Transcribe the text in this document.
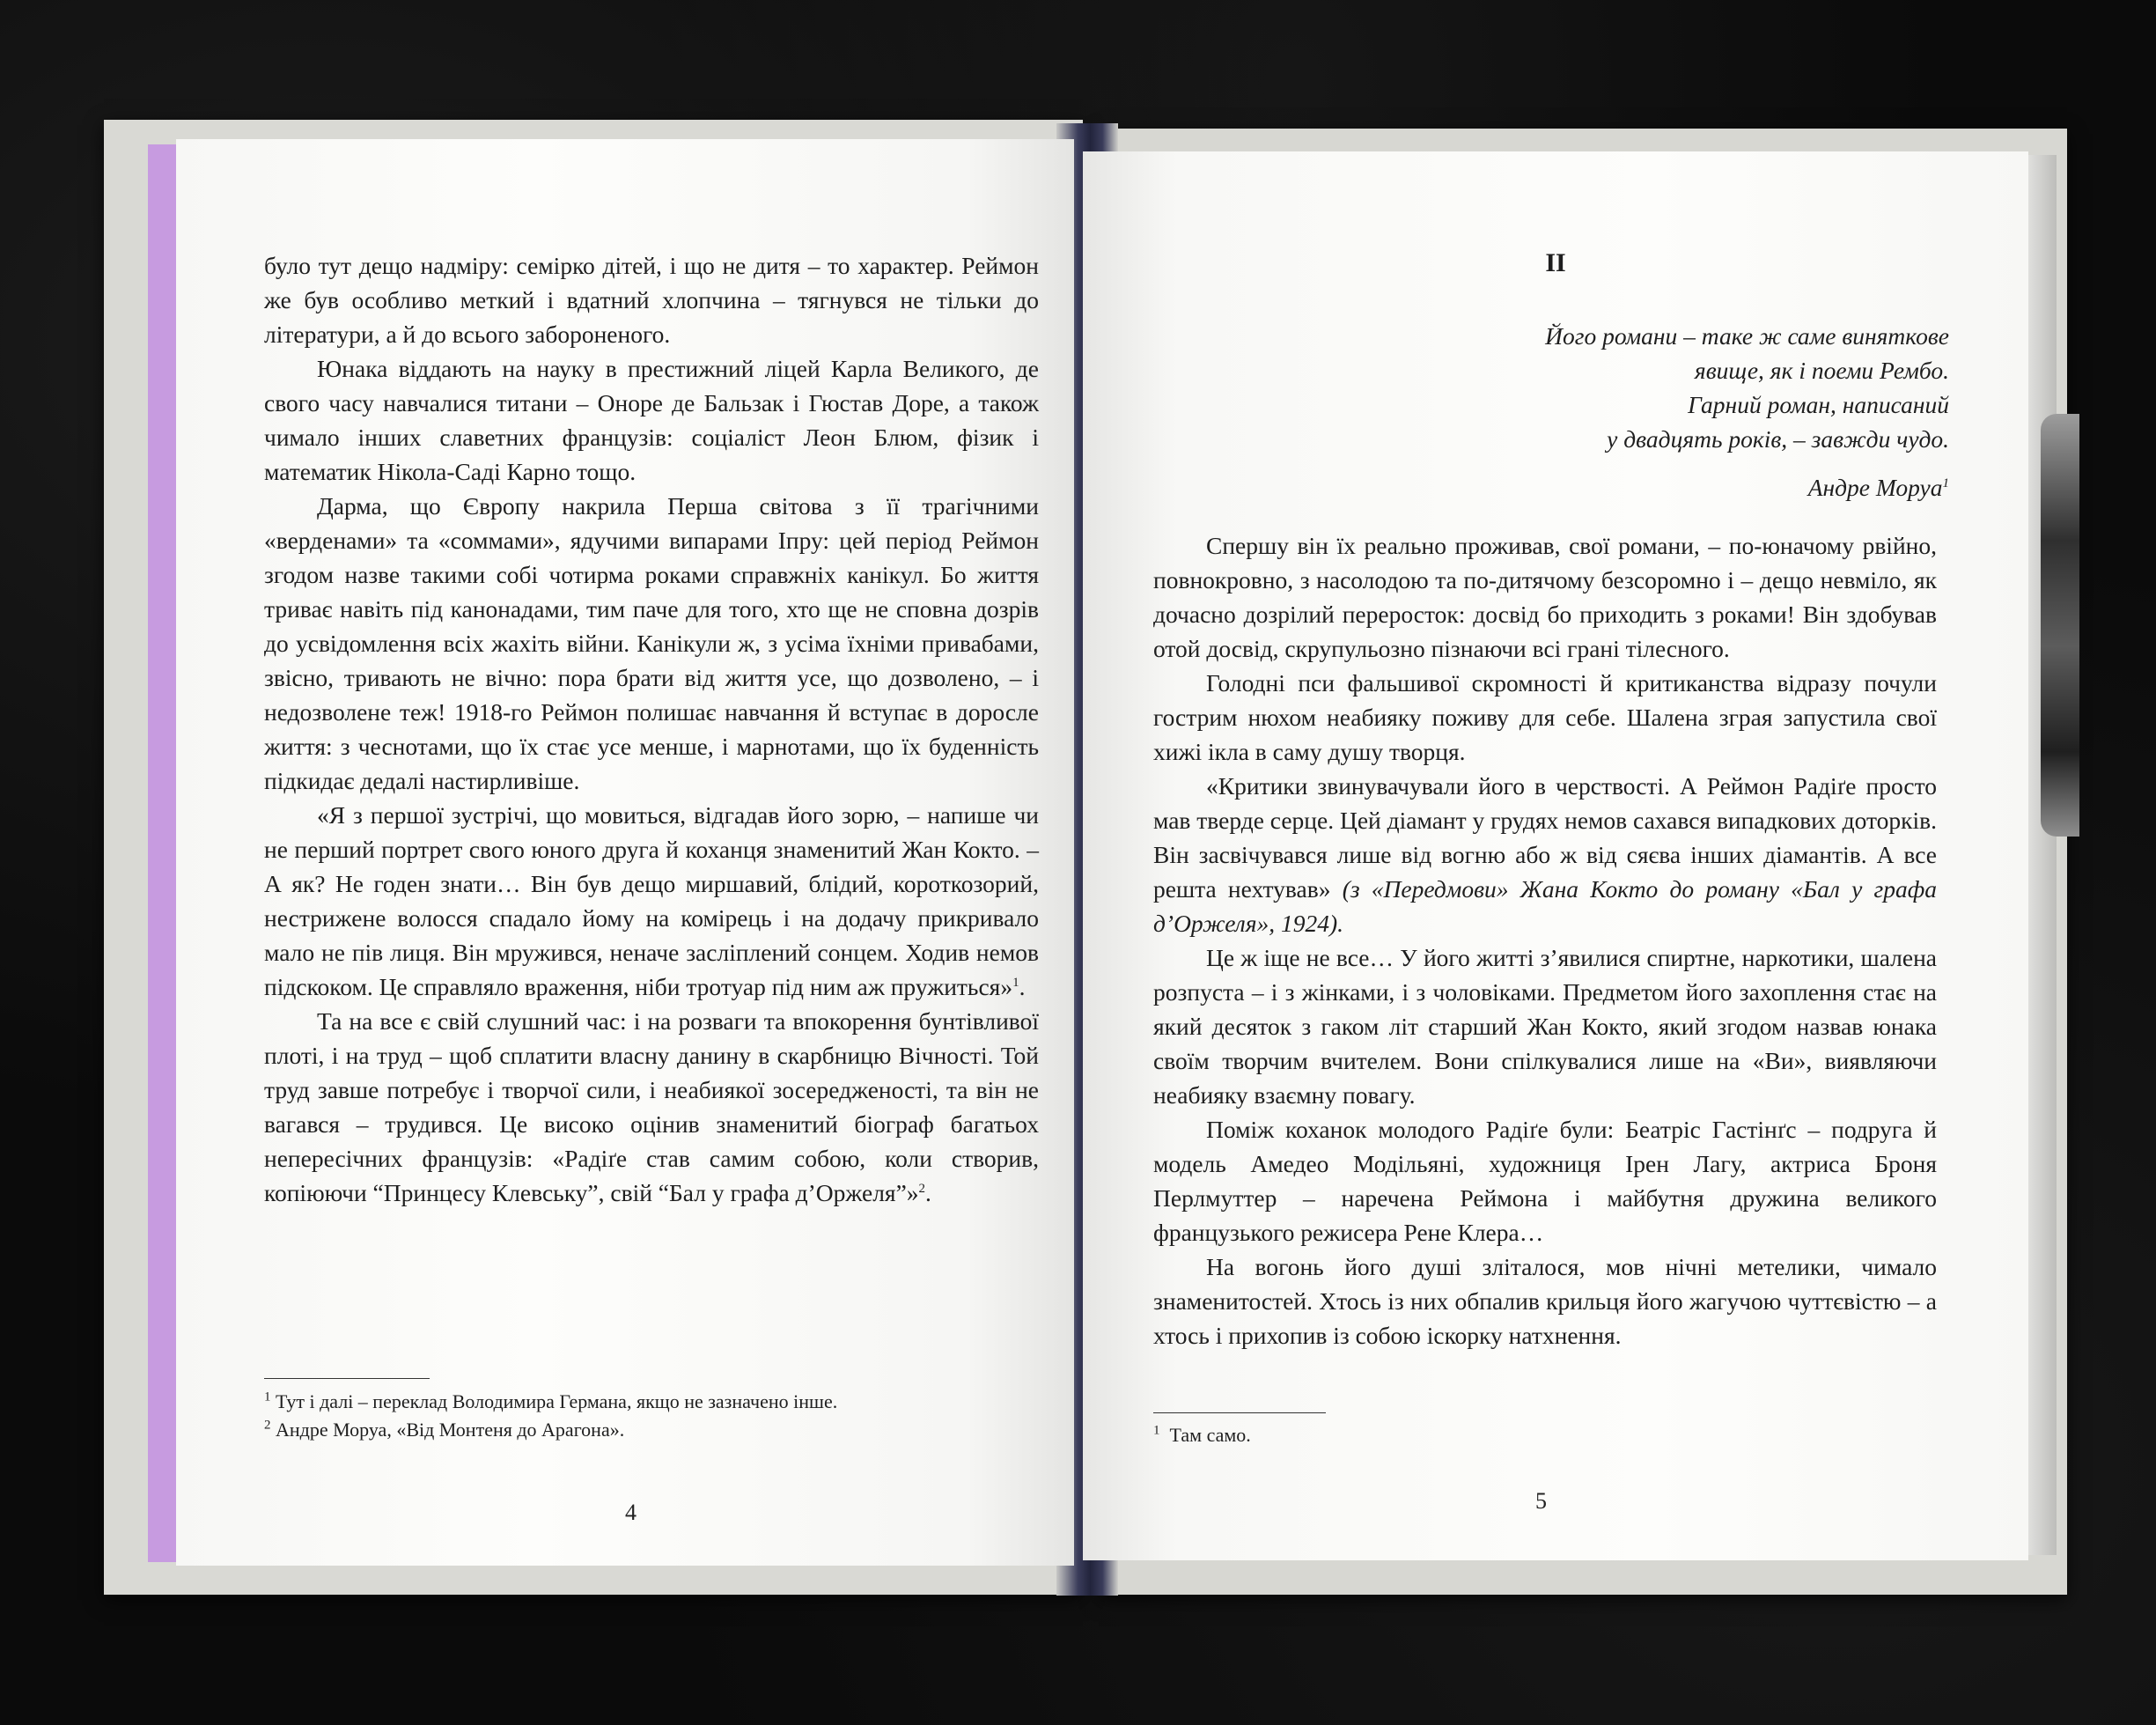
було тут дещо надміру: семірко дітей, і що не дитя – то характер. Реймон же був особливо меткий і вдатний хлопчина – тягнувся не тільки до літератури, а й до всього забороненого.

Юнака віддають на науку в престижний ліцей Карла Великого, де свого часу навчалися титани – Оноре де Бальзак і Гюстав Доре, а також чимало інших славетних французів: соціаліст Леон Блюм, фізик і математик Нікола-Саді Карно тощо.

Дарма, що Європу накрила Перша світова з її трагічними «верденами» та «соммами», ядучими випарами Іпру: цей період Реймон згодом назве такими собі чотирма роками справжніх канікул. Бо життя триває навіть під канонадами, тим паче для того, хто ще не сповна дозрів до усвідомлення всіх жахіть війни. Канікули ж, з усіма їхніми привабами, звісно, тривають не вічно: пора брати від життя усе, що дозволено, – і недозволене теж! 1918-го Реймон полишає навчання й вступає в доросле життя: з чеснотами, що їх стає усе менше, і марнотами, що їх буденність підкидає дедалі настирливіше.

«Я з першої зустрічі, що мовиться, відгадав його зорю, – напише чи не перший портрет свого юного друга й коханця знаменитий Жан Кокто. – А як? Не годен знати… Він був дещо миршавий, блідий, короткозорий, нестрижене волосся спадало йому на комірець і на додачу прикривало мало не пів лиця. Він мружився, неначе засліплений сонцем. Ходив немов підскоком. Це справляло враження, ніби тротуар під ним аж пружиться»$^1$.

Та на все є свій слушний час: і на розваги та впокорення бунтівливої плоті, і на труд – щоб сплатити власну данину в скарбницю Вічності. Той труд завше потребує і творчої сили, і неабиякої зосередженості, та він не вагався – трудився. Це високо оцінив знаменитий біограф багатьох непересічних французів: «Радіґе став самим собою, коли створив, копіюючи “Принцесу Клевську”, свій “Бал у графа д’Оржеля”»$^2$.

$^1$ Тут і далі – переклад Володимира Германа, якщо не зазначено інше.

$^2$ Андре Моруа, «Від Монтеня до Арагона».

4
II

Його романи – таке ж саме виняткове

явище, як і поеми Рембо.

Гарний роман, написаний

у двадцять років, – завжди чудо.

Андре Моруа$^1$

Спершу він їх реально проживав, свої романи, – по-юначому рвійно, повнокровно, з насолодою та по-дитячому безсоромно і – дещо невміло, як дочасно дозрілий переросток: досвід бо приходить з роками! Він здобував отой досвід, скрупульозно пізнаючи всі грані тілесного.

Голодні пси фальшивої скромності й критиканства відразу почули гострим нюхом неабияку поживу для себе. Шалена зграя запустила свої хижі ікла в саму душу творця.

«Критики звинувачували його в черствості. А Реймон Радіґе просто мав тверде серце. Цей діамант у грудях немов сахався випадкових доторків. Він засвічувався лише від вогню або ж від сяєва інших діамантів. А все решта нехтував» (з «Передмови» Жана Кокто до роману «Бал у графа д’Оржеля», 1924).

Це ж іще не все… У його житті з’явилися спиртне, наркотики, шалена розпуста – і з жінками, і з чоловіками. Предметом його захоплення стає на який десяток з гаком літ старший Жан Кокто, який згодом назвав юнака своїм творчим вчителем. Вони спілкувалися лише на «Ви», виявляючи неабияку взаємну повагу.

Поміж коханок молодого Радіґе були: Беатріс Гастінґс – подруга й модель Амедео Модільяні, художниця Ірен Лагу, актриса Броня Перлмуттер – наречена Реймона і майбутня дружина великого французького режисера Рене Клера…

На вогонь його душі зліталося, мов нічні метелики, чимало знаменитостей. Хтось із них обпалив крильця його жагучою чуттєвістю – а хтось і прихопив із собою іскорку натхнення.

$^1$ Там само.

5
